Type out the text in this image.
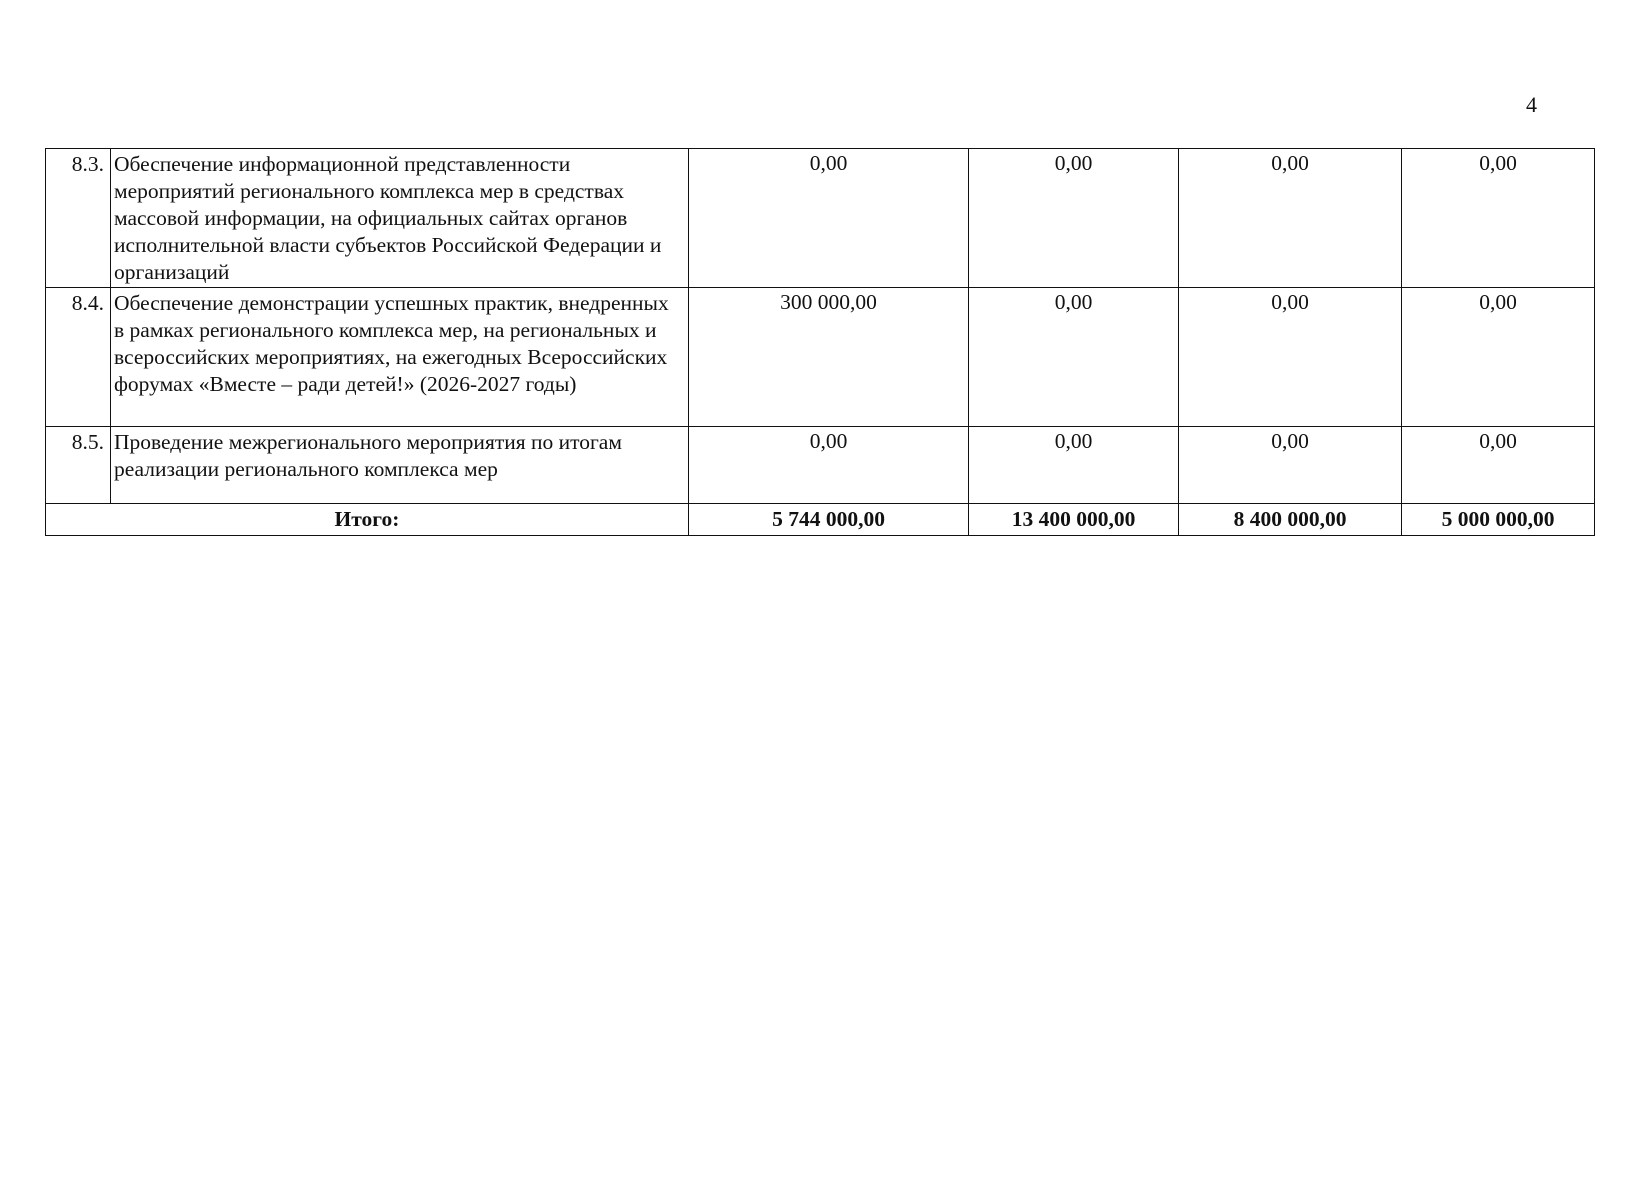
4
8.3.	Обеспечение информационной представленности мероприятий регионального комплекса мер в средствах массовой информации, на официальных сайтах органов исполнительной власти субъектов Российской Федерации и организаций	0,00	0,00	0,00	0,00
8.4.	Обеспечение демонстрации успешных практик, внедренных в рамках регионального комплекса мер, на региональных и всероссийских мероприятиях, на ежегодных Всероссийских форумах «Вместе – ради детей!» (2026-2027 годы)	300 000,00	0,00	0,00	0,00
8.5.	Проведение межрегионального мероприятия по итогам реализации регионального комплекса мер	0,00	0,00	0,00	0,00
Итого:		5 744 000,00	13 400 000,00	8 400 000,00	5 000 000,00
